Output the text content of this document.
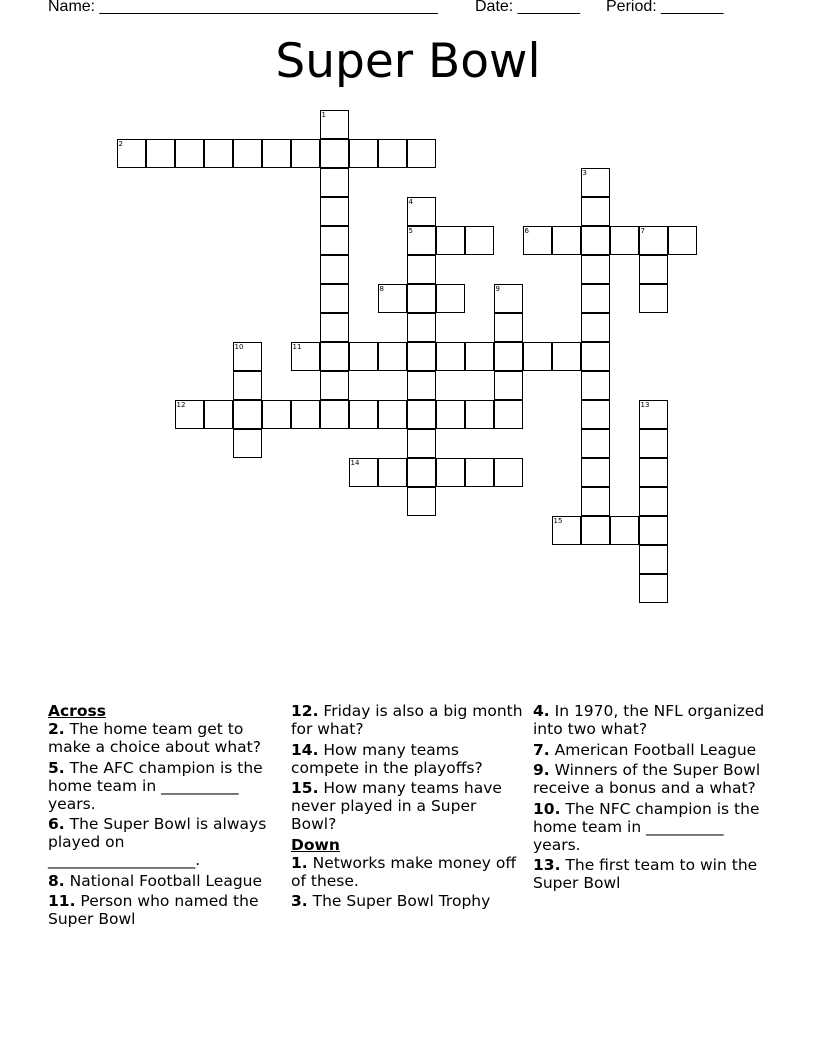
Name: ______________________________________ Date: _______ Period: _______
Super Bowl
1
2
3
4
5	6	7
8	9
10	11
12	13
14
15
Across
2. The home team get to make a choice about what?
5. The AFC champion is the home team in __________ years.
6. The Super Bowl is always played on ___________________.
8. National Football League
11. Person who named the Super Bowl
12. Friday is also a big month for what?
14. How many teams compete in the playoffs?
15. How many teams have never played in a Super Bowl?
Down
1. Networks make money off of these.
3. The Super Bowl Trophy
4. In 1970, the NFL organized into two what?
7. American Football League
9. Winners of the Super Bowl receive a bonus and a what?
10. The NFC champion is the home team in __________ years.
13. The first team to win the Super Bowl
